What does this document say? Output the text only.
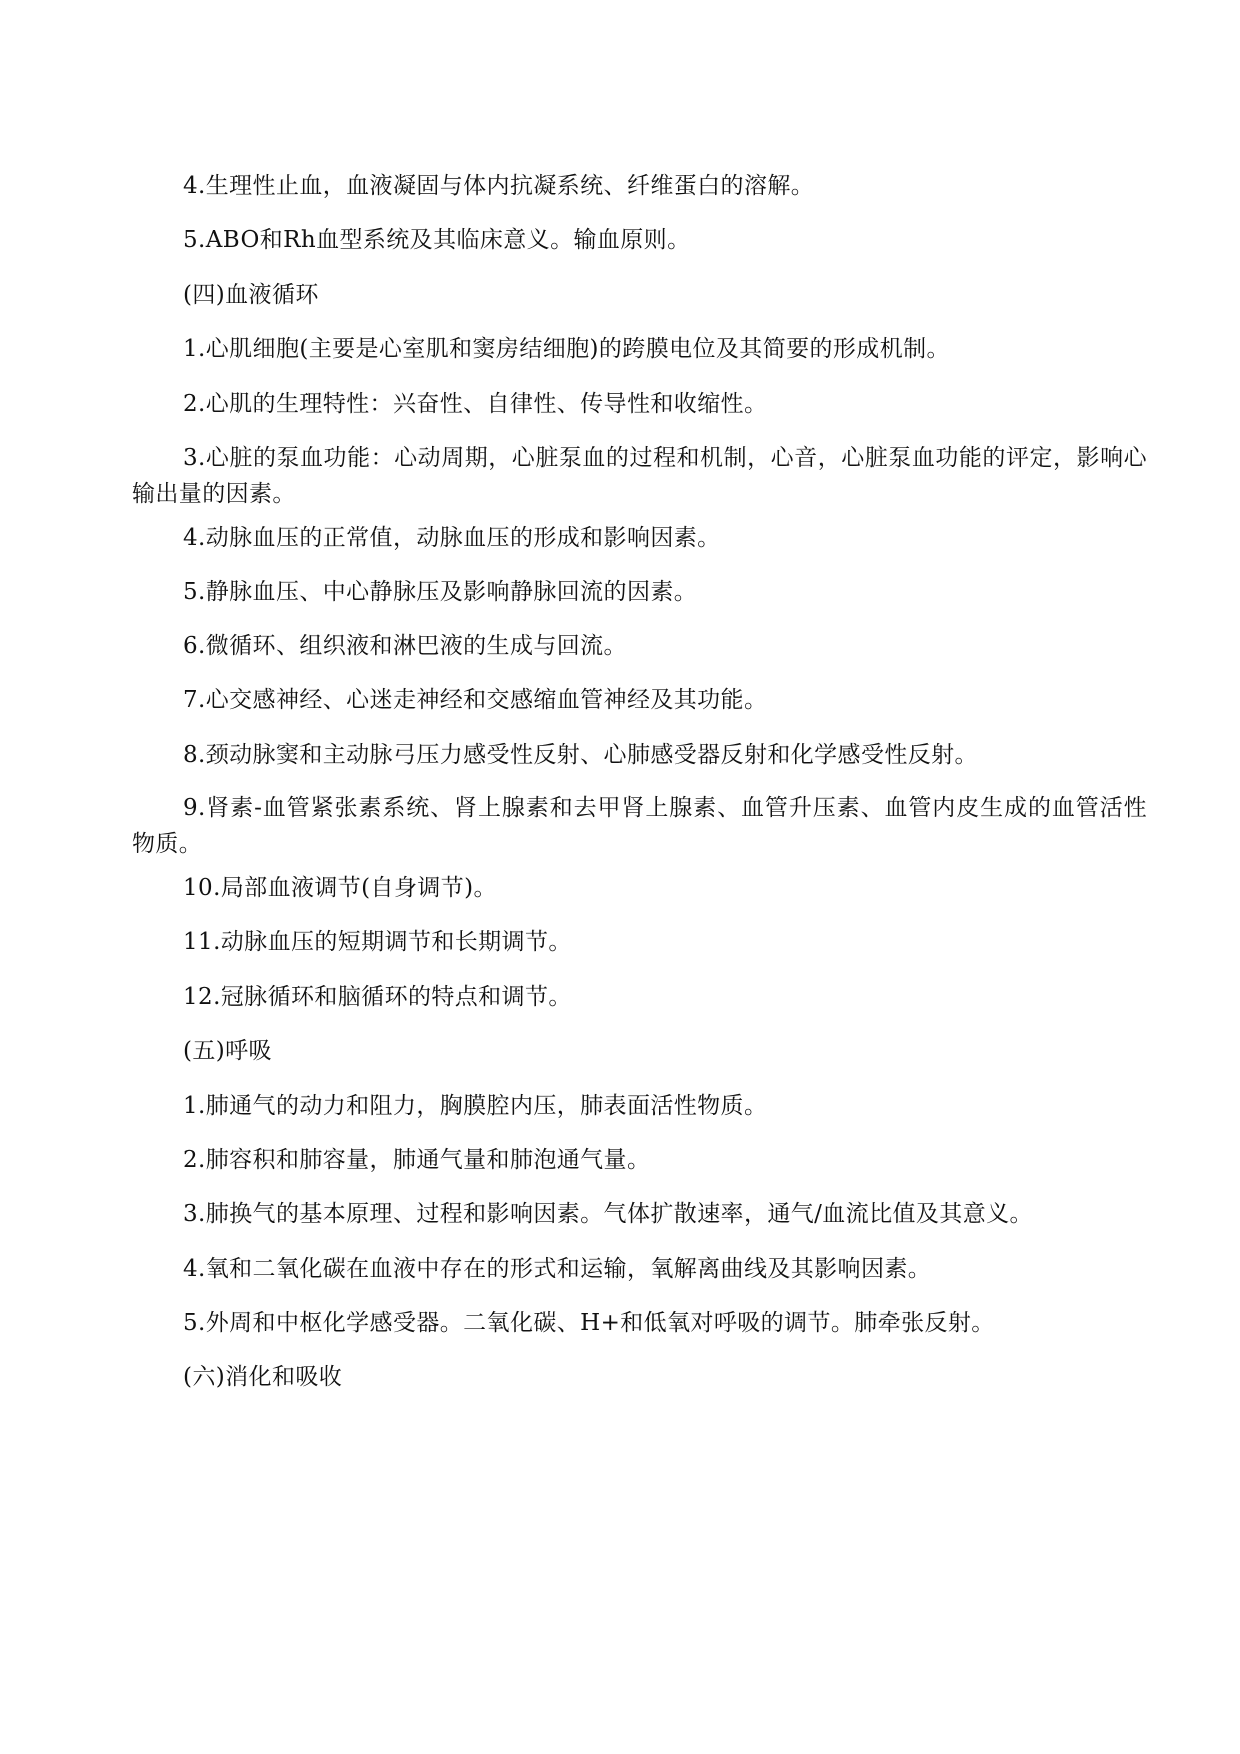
4.生理性止血，血液凝固与体内抗凝系统、纤维蛋白的溶解。
5.ABO和Rh血型系统及其临床意义。输血原则。
(四)血液循环
1.心肌细胞(主要是心室肌和窦房结细胞)的跨膜电位及其简要的形成机制。
2.心肌的生理特性：兴奋性、自律性、传导性和收缩性。
3.心脏的泵血功能：心动周期，心脏泵血的过程和机制，心音，心脏泵血功能的评定，影响心输出量的因素。
4.动脉血压的正常值，动脉血压的形成和影响因素。
5.静脉血压、中心静脉压及影响静脉回流的因素。
6.微循环、组织液和淋巴液的生成与回流。
7.心交感神经、心迷走神经和交感缩血管神经及其功能。
8.颈动脉窦和主动脉弓压力感受性反射、心肺感受器反射和化学感受性反射。
9.肾素-血管紧张素系统、肾上腺素和去甲肾上腺素、血管升压素、血管内皮生成的血管活性物质。
10.局部血液调节(自身调节)。
11.动脉血压的短期调节和长期调节。
12.冠脉循环和脑循环的特点和调节。
(五)呼吸
1.肺通气的动力和阻力，胸膜腔内压，肺表面活性物质。
2.肺容积和肺容量，肺通气量和肺泡通气量。
3.肺换气的基本原理、过程和影响因素。气体扩散速率，通气/血流比值及其意义。
4.氧和二氧化碳在血液中存在的形式和运输，氧解离曲线及其影响因素。
5.外周和中枢化学感受器。二氧化碳、H+和低氧对呼吸的调节。肺牵张反射。
(六)消化和吸收
